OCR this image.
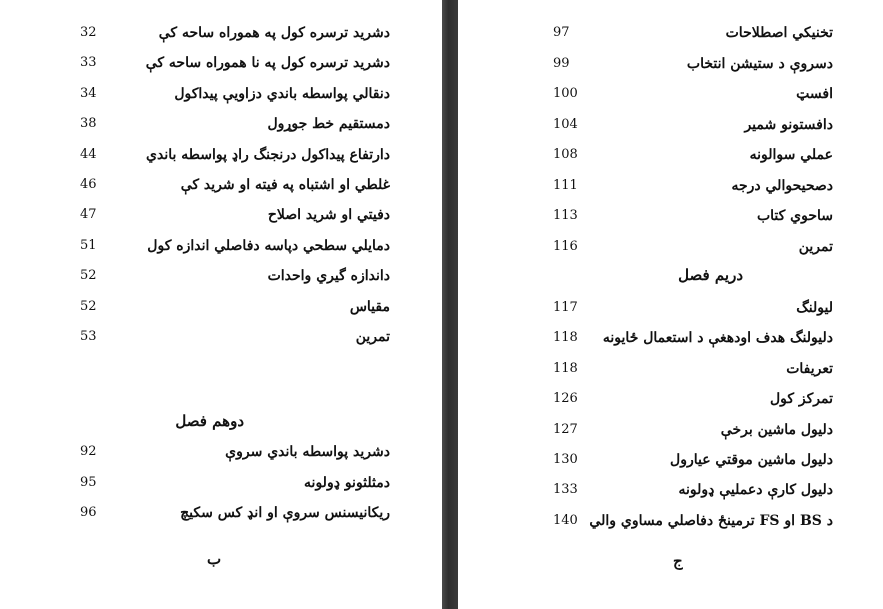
32	دشريد ترسره کول په هموراه ساحه کې
33	دشريد ترسره کول په نا هموراه ساحه کې
34	دنقالي پواسطه باندي دزاويې پيداکول
38	دمستقيم خط جوړول
44	دارتفاع پيداکول درنجنگ راډ پواسطه باندي
46	غلطي او اشتباه په فيته او شريد کې
47	دفيتي او شريد اصلاح
51	دمايلي سطحي دپاسه دفاصلي اندازه کول
52	داندازه گيري واحدات
52	مقياس
53	تمرين
دوهم فصل
92	دشريد پواسطه باندي سروې
95	دمثلثونو ډولونه
96	ريکانيسنس سروې او انډ کس سکيچ
ب
97	تخنيکي اصطلاحات
99	دسروې د ستيشن انتخاب
100	افسټ
104	دافستونو شمير
108	عملي سوالونه
111	دصحيحوالي درجه
113	ساحوي کتاب
116	تمرين
دريم فصل
117	ليولنگ
118 دليولنگ هدف اودهغې د استعمال ځايونه
118	تعريفات
126	تمرکز کول
127	دليول ماشين برخې
130	دليول ماشين موقتي عيارول
133	دليول کارې دعمليې ډولونه
140 د BS او FS ترمينځ دفاصلي مساوي والي
ج
